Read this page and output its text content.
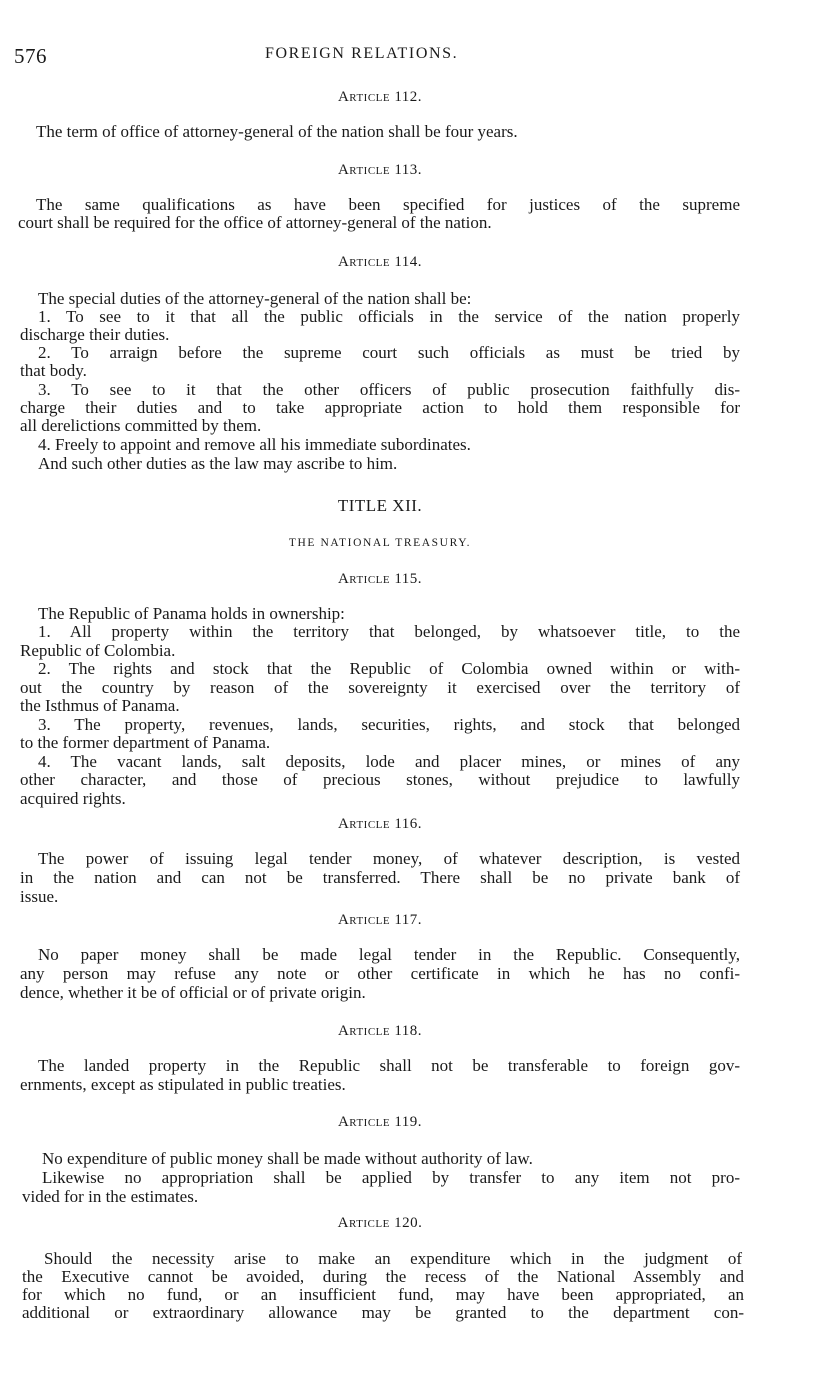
576	FOREIGN RELATIONS.
Article 112.
The term of office of attorney-general of the nation shall be four years.
Article 113.
The same qualifications as have been specified for justices of the supreme
court shall be required for the office of attorney-general of the nation.
Article 114.
The special duties of the attorney-general of the nation shall be:
1. To see to it that all the public officials in the service of the nation properly
discharge their duties.
2. To arraign before the supreme court such officials as must be tried by
that body.
3. To see to it that the other officers of public prosecution faithfully dis-
charge their duties and to take appropriate action to hold them responsible for
all derelictions committed by them.
4. Freely to appoint and remove all his immediate subordinates.
And such other duties as the law may ascribe to him.
TITLE XII.
THE NATIONAL TREASURY.
Article 115.
The Republic of Panama holds in ownership:
1. All property within the territory that belonged, by whatsoever title, to the
Republic of Colombia.
2. The rights and stock that the Republic of Colombia owned within or with-
out the country by reason of the sovereignty it exercised over the territory of
the Isthmus of Panama.
3. The property, revenues, lands, securities, rights, and stock that belonged
to the former department of Panama.
4. The vacant lands, salt deposits, lode and placer mines, or mines of any
other character, and those of precious stones, without prejudice to lawfully
acquired rights.
Article 116.
The power of issuing legal tender money, of whatever description, is vested
in the nation and can not be transferred. There shall be no private bank of
issue.
Article 117.
No paper money shall be made legal tender in the Republic. Consequently,
any person may refuse any note or other certificate in which he has no confi-
dence, whether it be of official or of private origin.
Article 118.
The landed property in the Republic shall not be transferable to foreign gov-
ernments, except as stipulated in public treaties.
Article 119.
No expenditure of public money shall be made without authority of law.
Likewise no appropriation shall be applied by transfer to any item not pro-
vided for in the estimates.
Article 120.
Should the necessity arise to make an expenditure which in the judgment of
the Executive cannot be avoided, during the recess of the National Assembly and
for which no fund, or an insufficient fund, may have been appropriated, an
additional or extraordinary allowance may be granted to the department con-
